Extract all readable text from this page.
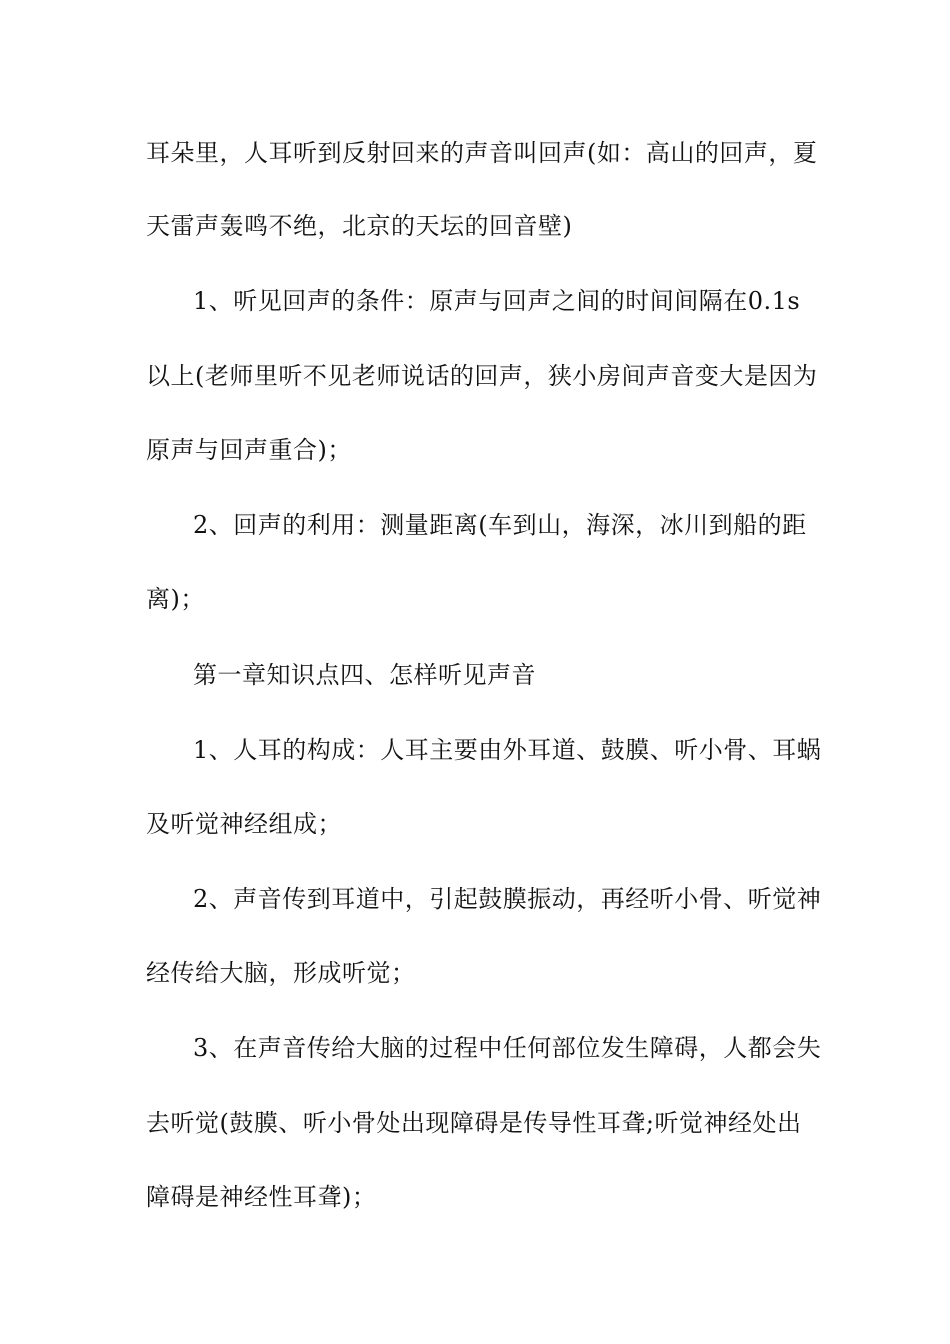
耳朵里，人耳听到反射回来的声音叫回声(如：高山的回声，夏
天雷声轰鸣不绝，北京的天坛的回音壁)
1、听见回声的条件：原声与回声之间的时间间隔在0.1s
以上(老师里听不见老师说话的回声，狭小房间声音变大是因为
原声与回声重合)；
2、回声的利用：测量距离(车到山，海深，冰川到船的距
离)；
第一章知识点四、怎样听见声音
1、人耳的构成：人耳主要由外耳道、鼓膜、听小骨、耳蜗
及听觉神经组成；
2、声音传到耳道中，引起鼓膜振动，再经听小骨、听觉神
经传给大脑，形成听觉；
3、在声音传给大脑的过程中任何部位发生障碍，人都会失
去听觉(鼓膜、听小骨处出现障碍是传导性耳聋;听觉神经处出
障碍是神经性耳聋)；
